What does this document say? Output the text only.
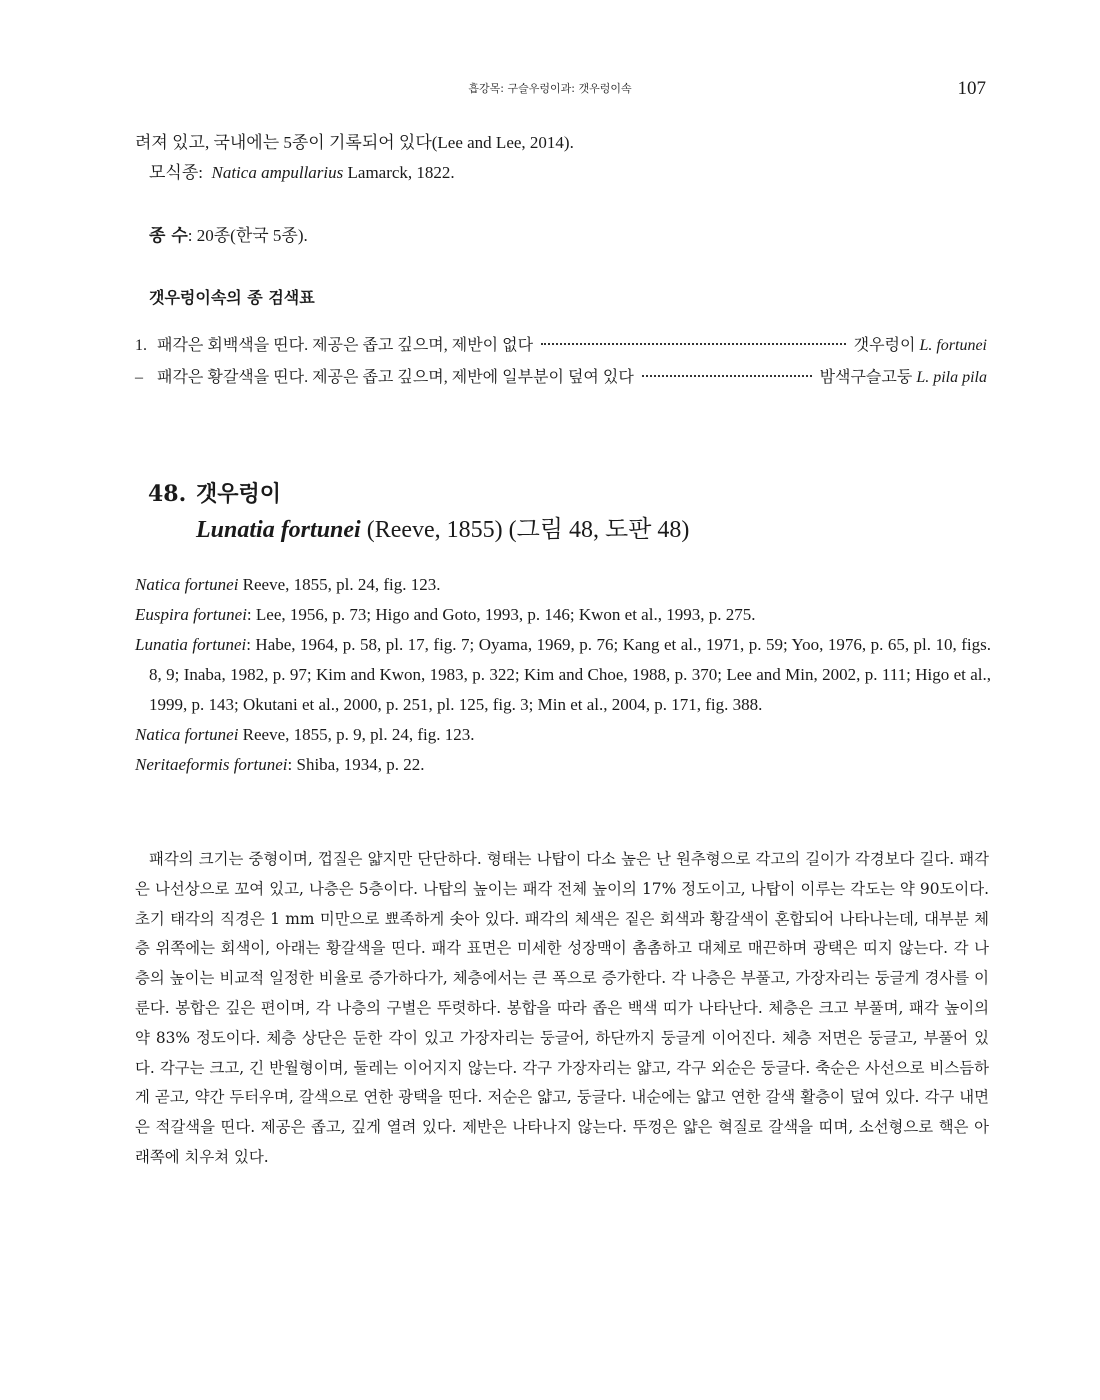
흡강목: 구슬우렁이과: 갯우렁이속	107

려져 있고, 국내에는 5종이 기록되어 있다(Lee and Lee, 2014).

모식종: Natica ampullarius Lamarck, 1822.

종 수: 20종(한국 5종).

갯우렁이속의 종 검색표

1. 패각은 회백색을 띤다. 제공은 좁고 깊으며, 제반이 없다	갯우렁이 L. fortunei
– 패각은 황갈색을 띤다. 제공은 좁고 깊으며, 제반에 일부분이 덮여 있다	밤색구슬고둥 L. pila pila
48. 갯우렁이
Lunatia fortunei (Reeve, 1855) (그림 48, 도판 48)

Natica fortunei Reeve, 1855, pl. 24, fig. 123.

Euspira fortunei: Lee, 1956, p. 73; Higo and Goto, 1993, p. 146; Kwon et al., 1993, p. 275.

Lunatia fortunei: Habe, 1964, p. 58, pl. 17, fig. 7; Oyama, 1969, p. 76; Kang et al., 1971, p. 59; Yoo, 1976, p. 65, pl. 10, figs. 8, 9; Inaba, 1982, p. 97; Kim and Kwon, 1983, p. 322; Kim and Choe, 1988, p. 370; Lee and Min, 2002, p. 111; Higo et al., 1999, p. 143; Okutani et al., 2000, p. 251, pl. 125, fig. 3; Min et al., 2004, p. 171, fig. 388.

Natica fortunei Reeve, 1855, p. 9, pl. 24, fig. 123.

Neritaeformis fortunei: Shiba, 1934, p. 22.

패각의 크기는 중형이며, 껍질은 얇지만 단단하다. 형태는 나탑이 다소 높은 난 원추형으로 각고의 길이가 각경보다 길다. 패각은 나선상으로 꼬여 있고, 나층은 5층이다. 나탑의 높이는 패각 전체 높이의 17% 정도이고, 나탑이 이루는 각도는 약 90도이다. 초기 태각의 직경은 1 mm 미만으로 뾰족하게 솟아 있다. 패각의 체색은 짙은 회색과 황갈색이 혼합되어 나타나는데, 대부분 체층 위쪽에는 회색이, 아래는 황갈색을 띤다. 패각 표면은 미세한 성장맥이 촘촘하고 대체로 매끈하며 광택은 띠지 않는다. 각 나층의 높이는 비교적 일정한 비율로 증가하다가, 체층에서는 큰 폭으로 증가한다. 각 나층은 부풀고, 가장자리는 둥글게 경사를 이룬다. 봉합은 깊은 편이며, 각 나층의 구별은 뚜렷하다. 봉합을 따라 좁은 백색 띠가 나타난다. 체층은 크고 부풀며, 패각 높이의 약 83% 정도이다. 체층 상단은 둔한 각이 있고 가장자리는 둥글어, 하단까지 둥글게 이어진다. 체층 저면은 둥글고, 부풀어 있다. 각구는 크고, 긴 반월형이며, 둘레는 이어지지 않는다. 각구 가장자리는 얇고, 각구 외순은 둥글다. 축순은 사선으로 비스듬하게 곧고, 약간 두터우며, 갈색으로 연한 광택을 띤다. 저순은 얇고, 둥글다. 내순에는 얇고 연한 갈색 활층이 덮여 있다. 각구 내면은 적갈색을 띤다. 제공은 좁고, 깊게 열려 있다. 제반은 나타나지 않는다. 뚜껑은 얇은 혁질로 갈색을 띠며, 소선형으로 핵은 아래쪽에 치우쳐 있다.
